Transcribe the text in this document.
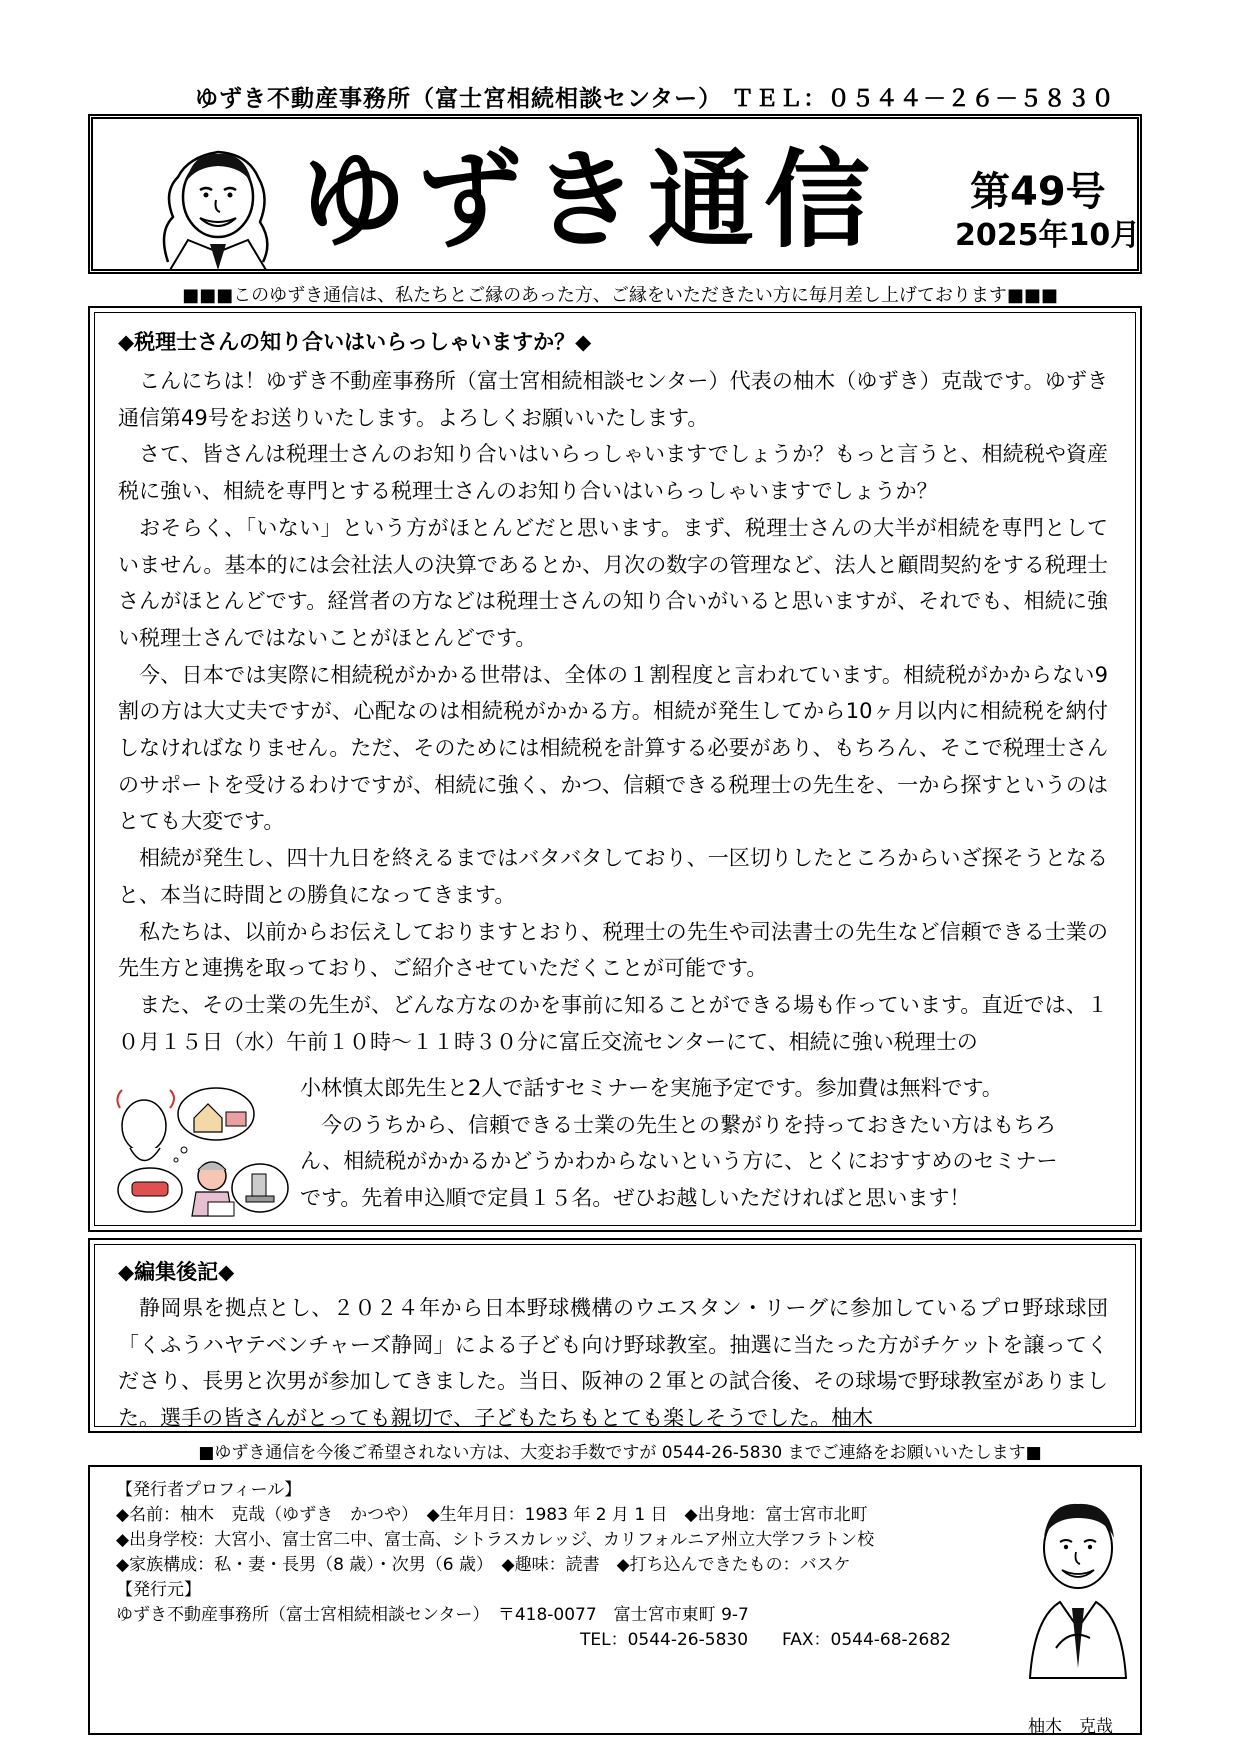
ゆずき不動産事務所（富士宮相続相談センター） ＴＥＬ：０５４４－２６－５８３０
ゆずき通信 第49号
2025年10月
■■■このゆずき通信は、私たちとご縁のあった方、ご縁をいただきたい方に毎月差し上げております■■■
◆税理士さんの知り合いはいらっしゃいますか？◆

こんにちは！ゆずき不動産事務所（富士宮相続相談センター）代表の柚木（ゆずき）克哉です。ゆずき通信第49号をお送りいたします。よろしくお願いいたします。

さて、皆さんは税理士さんのお知り合いはいらっしゃいますでしょうか？もっと言うと、相続税や資産税に強い、相続を専門とする税理士さんのお知り合いはいらっしゃいますでしょうか？

おそらく、「いない」という方がほとんどだと思います。まず、税理士さんの大半が相続を専門としていません。基本的には会社法人の決算であるとか、月次の数字の管理など、法人と顧問契約をする税理士さんがほとんどです。経営者の方などは税理士さんの知り合いがいると思いますが、それでも、相続に強い税理士さんではないことがほとんどです。

今、日本では実際に相続税がかかる世帯は、全体の１割程度と言われています。相続税がかからない9割の方は大丈夫ですが、心配なのは相続税がかかる方。相続が発生してから10ヶ月以内に相続税を納付しなければなりません。ただ、そのためには相続税を計算する必要があり、もちろん、そこで税理士さんのサポートを受けるわけですが、相続に強く、かつ、信頼できる税理士の先生を、一から探すというのはとても大変です。

相続が発生し、四十九日を終えるまではバタバタしており、一区切りしたところからいざ探そうとなると、本当に時間との勝負になってきます。

私たちは、以前からお伝えしておりますとおり、税理士の先生や司法書士の先生など信頼できる士業の先生方と連携を取っており、ご紹介させていただくことが可能です。

また、その士業の先生が、どんな方なのかを事前に知ることができる場も作っています。直近では、１０月１５日（水）午前１０時～１１時３０分に富丘交流センターにて、相続に強い税理士の

小林慎太郎先生と2人で話すセミナーを実施予定です。参加費は無料です。
　今のうちから、信頼できる士業の先生との繋がりを持っておきたい方はもちろ
ん、相続税がかかるかどうかわからないという方に、とくにおすすめのセミナー
です。先着申込順で定員１５名。ぜひお越しいただければと思います！
◆編集後記◆

静岡県を拠点とし、２０２４年から日本野球機構のウエスタン・リーグに参加しているプロ野球球団「くふうハヤテベンチャーズ静岡」による子ども向け野球教室。抽選に当たった方がチケットを譲ってくださり、長男と次男が参加してきました。当日、阪神の２軍との試合後、その球場で野球教室がありました。選手の皆さんがとっても親切で、子どもたちもとても楽しそうでした。柚木

■ゆずき通信を今後ご希望されない方は、大変お手数ですが 0544-26-5830 までご連絡をお願いいたします■
【発行者プロフィール】
◆名前：柚木　克哉（ゆずき　かつや）　◆生年月日：1983 年 2 月 1 日　◆出身地：富士宮市北町
◆出身学校：大宮小、富士宮二中、富士高、シトラスカレッジ、カリフォルニア州立大学フラトン校
◆家族構成：私・妻・長男（8 歳）・次男（6 歳）　◆趣味：読書　◆打ち込んできたもの：バスケ
【発行元】
ゆずき不動産事務所（富士宮相続相談センター）　〒418-0077　富士宮市東町 9-7
TEL：0544-26-5830　　FAX：0544-68-2682
柚木　克哉
